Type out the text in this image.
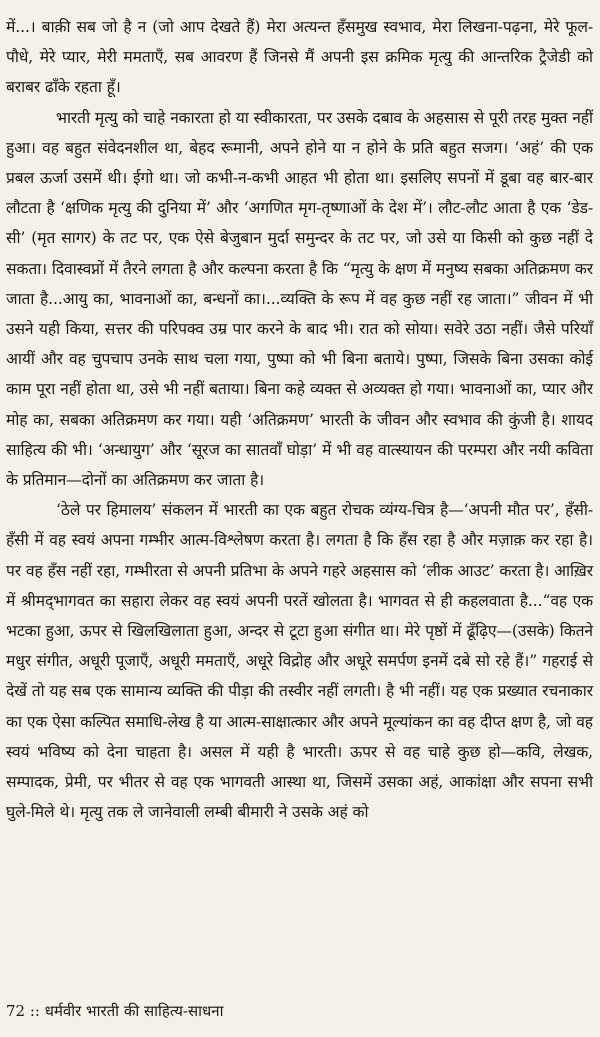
में...। बाक़ी सब जो है न (जो आप देखते हैं) मेरा अत्यन्त हँसमुख स्वभाव, मेरा लिखना-पढ़ना, मेरे फूल-पौधे, मेरे प्यार, मेरी ममताएँ, सब आवरण हैं जिनसे मैं अपनी इस क्रमिक मृत्यु की आन्तरिक ट्रैजेडी को बराबर ढाँके रहता हूँ।

भारती मृत्यु को चाहे नकारता हो या स्वीकारता, पर उसके दबाव के अहसास से पूरी तरह मुक्त नहीं हुआ। वह बहुत संवेदनशील था, बेहद रूमानी, अपने होने या न होने के प्रति बहुत सजग। ‘अहं’ की एक प्रबल ऊर्जा उसमें थी। ईगो था। जो कभी-न-कभी आहत भी होता था। इसलिए सपनों में डूबा वह बार-बार लौटता है ‘क्षणिक मृत्यु की दुनिया में’ और ‘अगणित मृग-तृष्णाओं के देश में’। लौट-लौट आता है एक ‘डेड-सी’ (मृत सागर) के तट पर, एक ऐसे बेजुबान मुर्दा समुन्दर के तट पर, जो उसे या किसी को कुछ नहीं दे सकता। दिवास्वप्नों में तैरने लगता है और कल्पना करता है कि “मृत्यु के क्षण में मनुष्य सबका अतिक्रमण कर जाता है...आयु का, भावनाओं का, बन्धनों का।...व्यक्ति के रूप में वह कुछ नहीं रह जाता।” जीवन में भी उसने यही किया, सत्तर की परिपक्व उम्र पार करने के बाद भी। रात को सोया। सवेरे उठा नहीं। जैसे परियाँ आयीं और वह चुपचाप उनके साथ चला गया, पुष्पा को भी बिना बताये। पुष्पा, जिसके बिना उसका कोई काम पूरा नहीं होता था, उसे भी नहीं बताया। बिना कहे व्यक्त से अव्यक्त हो गया। भावनाओं का, प्यार और मोह का, सबका अतिक्रमण कर गया। यही ‘अतिक्रमण’ भारती के जीवन और स्वभाव की कुंजी है। शायद साहित्य की भी। ‘अन्धायुग’ और ‘सूरज का सातवाँ घोड़ा’ में भी वह वात्स्यायन की परम्परा और नयी कविता के प्रतिमान—दोनों का अतिक्रमण कर जाता है।

‘ठेले पर हिमालय’ संकलन में भारती का एक बहुत रोचक व्यंग्य-चित्र है—‘अपनी मौत पर’, हँसी-हँसी में वह स्वयं अपना गम्भीर आत्म-विश्लेषण करता है। लगता है कि हँस रहा है और मज़ाक़ कर रहा है। पर वह हँस नहीं रहा, गम्भीरता से अपनी प्रतिभा के अपने गहरे अहसास को ‘लीक आउट’ करता है। आख़िर में श्रीमद्‌भागवत का सहारा लेकर वह स्वयं अपनी परतें खोलता है। भागवत से ही कहलवाता है...“वह एक भटका हुआ, ऊपर से खिलखिलाता हुआ, अन्दर से टूटा हुआ संगीत था। मेरे पृष्ठों में ढूँढ़िए—(उसके) कितने मधुर संगीत, अधूरी पूजाएँ, अधूरी ममताएँ, अधूरे विद्रोह और अधूरे समर्पण इनमें दबे सो रहे हैं।” गहराई से देखें तो यह सब एक सामान्य व्यक्ति की पीड़ा की तस्वीर नहीं लगती। है भी नहीं। यह एक प्रख्यात रचनाकार का एक ऐसा कल्पित समाधि-लेख है या आत्म-साक्षात्कार और अपने मूल्यांकन का वह दीप्त क्षण है, जो वह स्वयं भविष्य को देना चाहता है। असल में यही है भारती। ऊपर से वह चाहे कुछ हो—कवि, लेखक, सम्पादक, प्रेमी, पर भीतर से वह एक भागवती आस्था था, जिसमें उसका अहं, आकांक्षा और सपना सभी घुले-मिले थे। मृत्यु तक ले जानेवाली लम्बी बीमारी ने उसके अहं को

72 :: धर्मवीर भारती की साहित्य-साधना
